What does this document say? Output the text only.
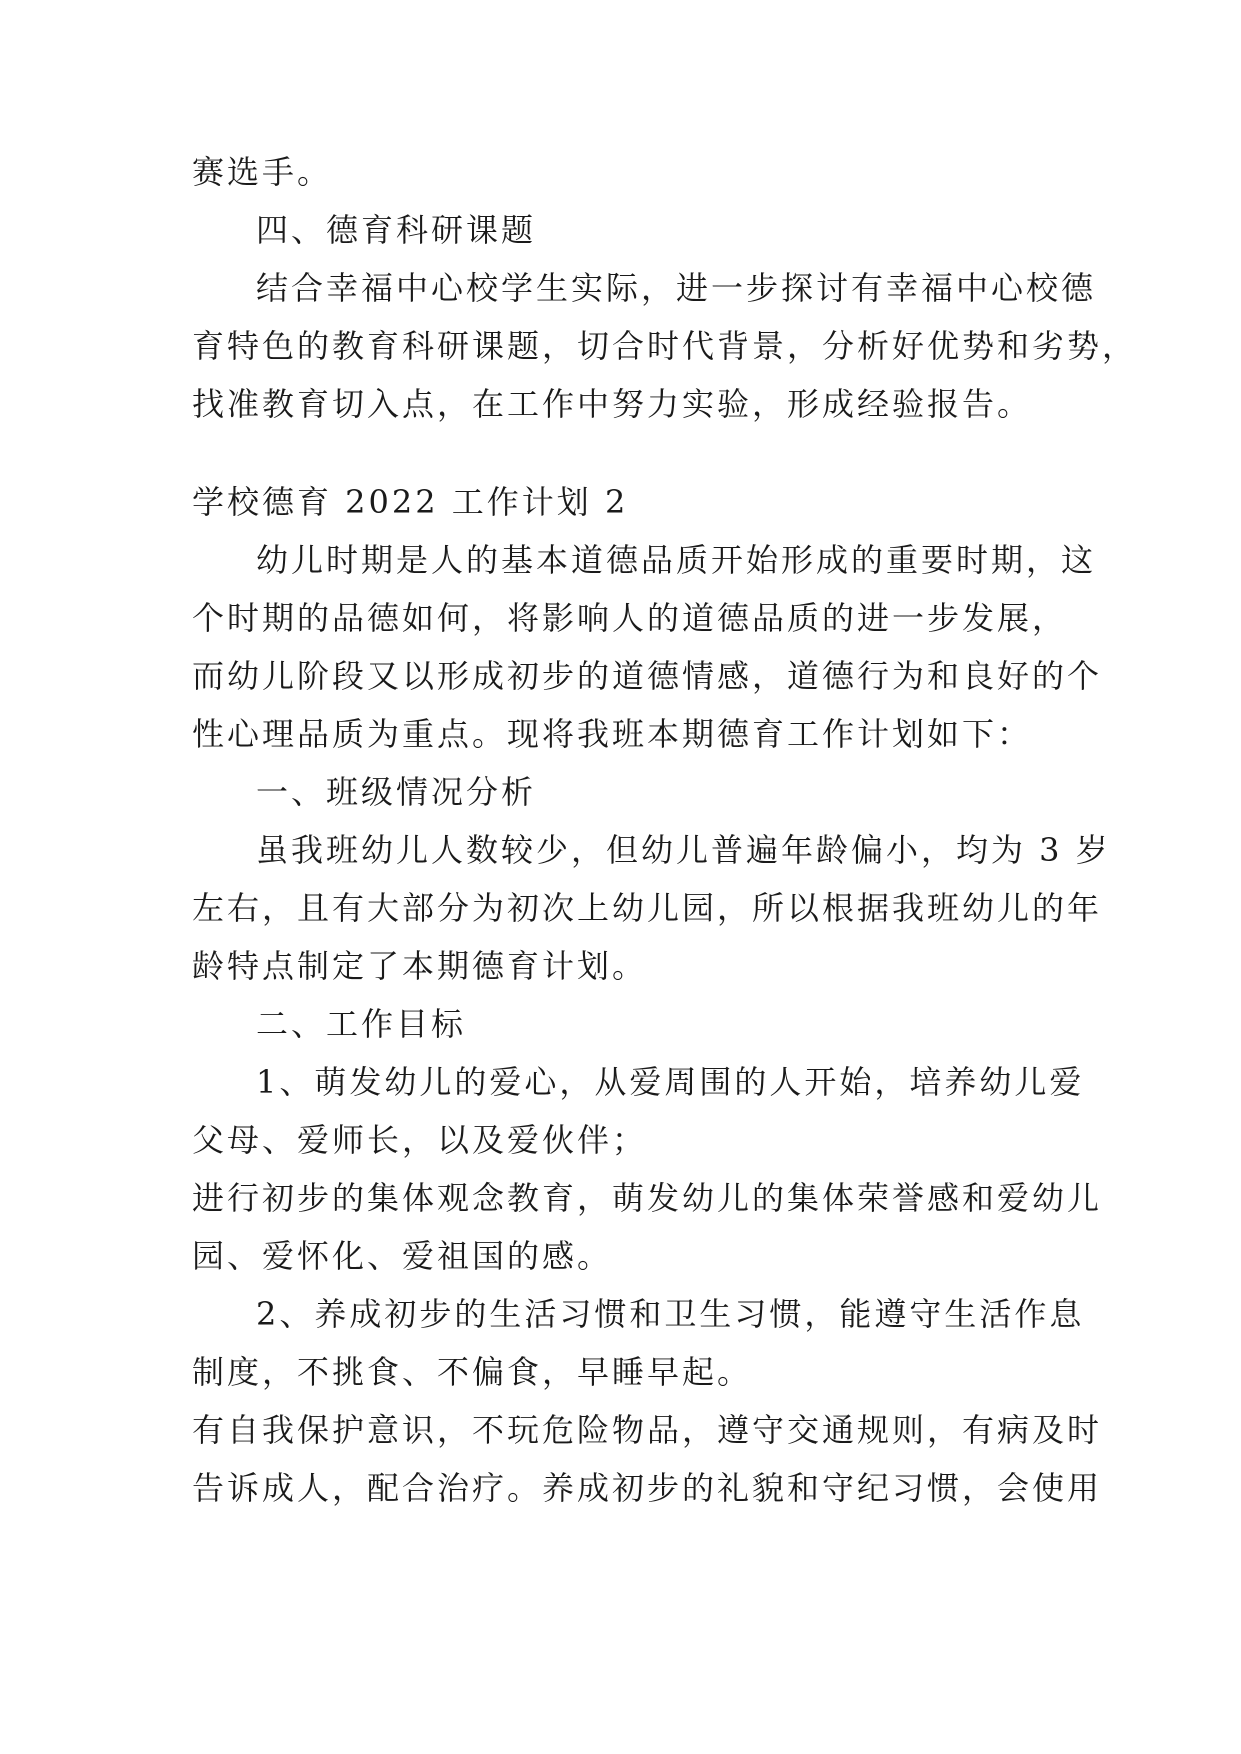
赛选手。
四、德育科研课题
结合幸福中心校学生实际，进一步探讨有幸福中心校德
育特色的教育科研课题，切合时代背景，分析好优势和劣势，
找准教育切入点，在工作中努力实验，形成经验报告。
学校德育 2022 工作计划 2
幼儿时期是人的基本道德品质开始形成的重要时期，这
个时期的品德如何，将影响人的道德品质的进一步发展，
而幼儿阶段又以形成初步的道德情感，道德行为和良好的个
性心理品质为重点。现将我班本期德育工作计划如下：
一、班级情况分析
虽我班幼儿人数较少，但幼儿普遍年龄偏小，均为 3 岁
左右，且有大部分为初次上幼儿园，所以根据我班幼儿的年
龄特点制定了本期德育计划。
二、工作目标
1、萌发幼儿的爱心，从爱周围的人开始，培养幼儿爱
父母、爱师长，以及爱伙伴；
进行初步的集体观念教育，萌发幼儿的集体荣誉感和爱幼儿
园、爱怀化、爱祖国的感。
2、养成初步的生活习惯和卫生习惯，能遵守生活作息
制度，不挑食、不偏食，早睡早起。
有自我保护意识，不玩危险物品，遵守交通规则，有病及时
告诉成人，配合治疗。养成初步的礼貌和守纪习惯，会使用
